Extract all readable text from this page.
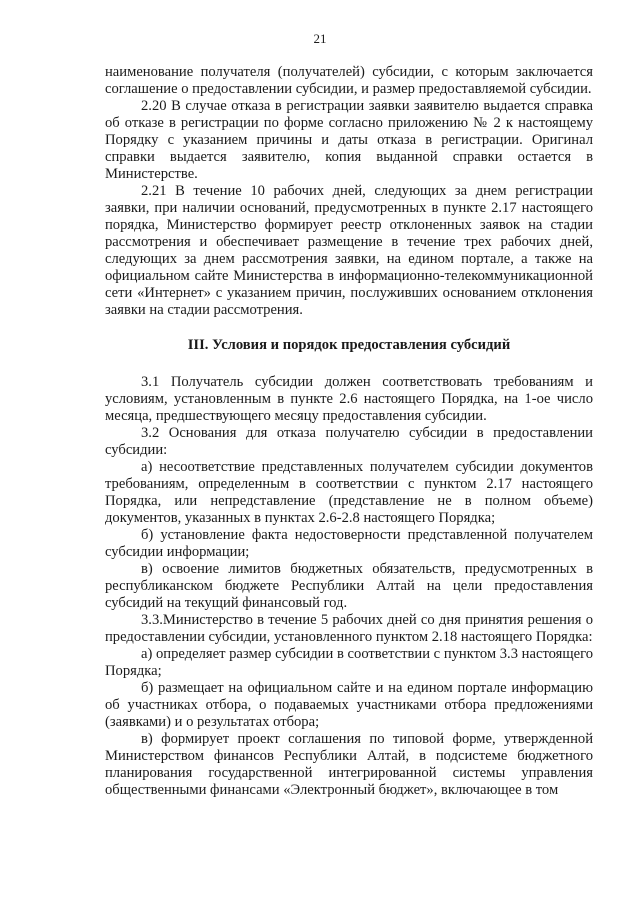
21

наименование получателя (получателей) субсидии, с которым заключается соглашение о предоставлении субсидии, и размер предоставляемой субсидии.

2.20 В случае отказа в регистрации заявки заявителю выдается справка об отказе в регистрации по форме согласно приложению № 2 к настоящему Порядку с указанием причины и даты отказа в регистрации. Оригинал справки выдается заявителю, копия выданной справки остается в Министерстве.

2.21 В течение 10 рабочих дней, следующих за днем регистрации заявки, при наличии оснований, предусмотренных в пункте 2.17 настоящего порядка, Министерство формирует реестр отклоненных заявок на стадии рассмотрения и обеспечивает размещение в течение трех рабочих дней, следующих за днем рассмотрения заявки, на едином портале, а также на официальном сайте Министерства в информационно-телекоммуникационной сети «Интернет» с указанием причин, послуживших основанием отклонения заявки на стадии рассмотрения.

III. Условия и порядок предоставления субсидий

3.1 Получатель субсидии должен соответствовать требованиям и условиям, установленным в пункте 2.6 настоящего Порядка, на 1-ое число месяца, предшествующего месяцу предоставления субсидии.

3.2 Основания для отказа получателю субсидии в предоставлении субсидии:

а) несоответствие представленных получателем субсидии документов требованиям, определенным в соответствии с пунктом 2.17 настоящего Порядка, или непредставление (представление не в полном объеме) документов, указанных в пунктах 2.6-2.8 настоящего Порядка;

б) установление факта недостоверности представленной получателем субсидии информации;

в) освоение лимитов бюджетных обязательств, предусмотренных в республиканском бюджете Республики Алтай на цели предоставления субсидий на текущий финансовый год.

3.3.Министерство в течение 5 рабочих дней со дня принятия решения о предоставлении субсидии, установленного пунктом 2.18 настоящего Порядка:

а) определяет размер субсидии в соответствии с пунктом 3.3 настоящего Порядка;

б) размещает на официальном сайте и на едином портале информацию об участниках отбора, о подаваемых участниками отбора предложениями (заявками) и о результатах отбора;

в) формирует проект соглашения по типовой форме, утвержденной Министерством финансов Республики Алтай, в подсистеме бюджетного планирования государственной интегрированной системы управления общественными финансами «Электронный бюджет», включающее в том
